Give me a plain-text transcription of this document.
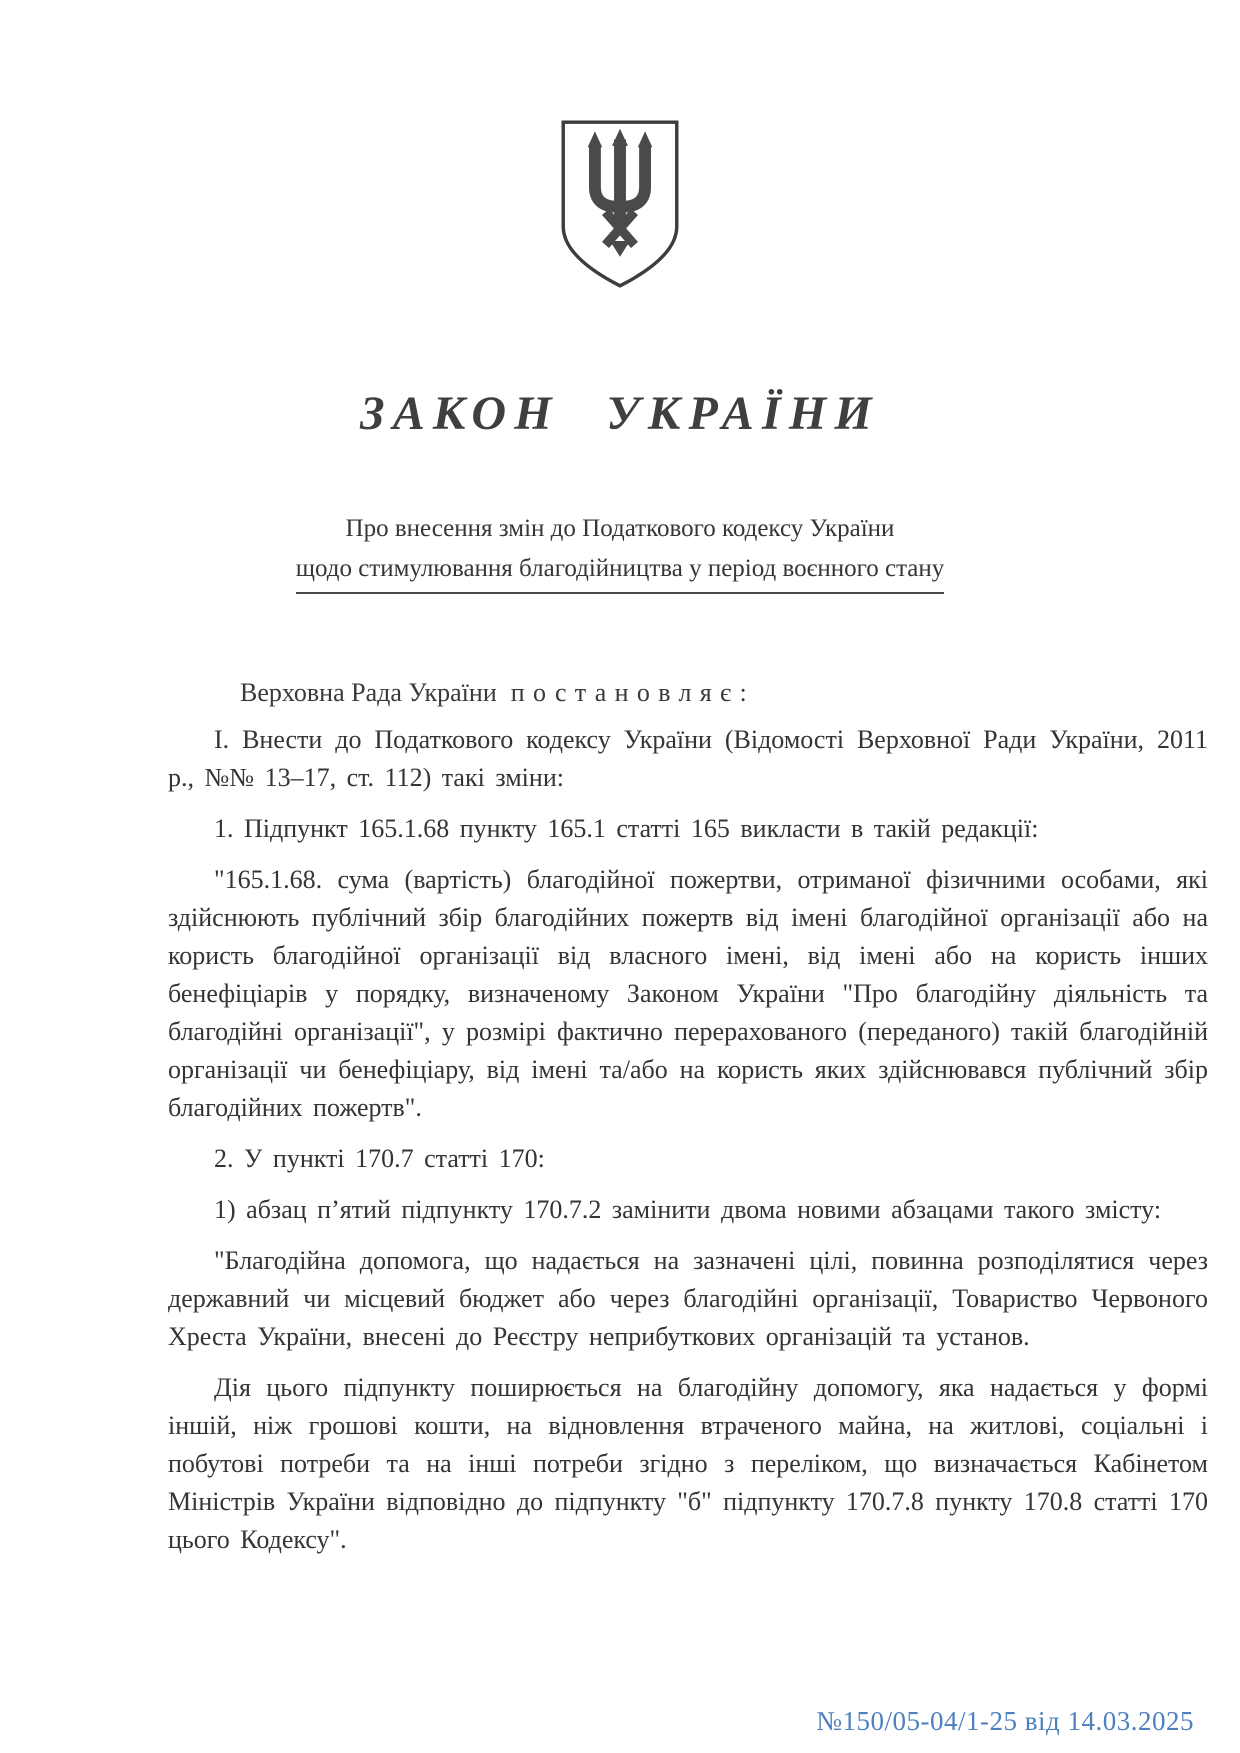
ЗАКОН УКРАЇНИ
Про внесення змін до Податкового кодексу України
щодо стимулювання благодійництва у період воєнного стану

Верховна Рада України постановляє:

І. Внести до Податкового кодексу України (Відомості Верховної Ради України, 2011 р., №№ 13–17, ст. 112) такі зміни:

1. Підпункт 165.1.68 пункту 165.1 статті 165 викласти в такій редакції:

"165.1.68. сума (вартість) благодійної пожертви, отриманої фізичними особами, які здійснюють публічний збір благодійних пожертв від імені благодійної організації або на користь благодійної організації від власного імені, від імені або на користь інших бенефіціарів у порядку, визначеному Законом України "Про благодійну діяльність та благодійні організації", у розмірі фактично перерахованого (переданого) такій благодійній організації чи бенефіціару, від імені та/або на користь яких здійснювався публічний збір благодійних пожертв".

2. У пункті 170.7 статті 170:

1) абзац п’ятий підпункту 170.7.2 замінити двома новими абзацами такого змісту:

"Благодійна допомога, що надається на зазначені цілі, повинна розподілятися через державний чи місцевий бюджет або через благодійні організації, Товариство Червоного Хреста України, внесені до Реєстру неприбуткових організацій та установ.

Дія цього підпункту поширюється на благодійну допомогу, яка надається у формі іншій, ніж грошові кошти, на відновлення втраченого майна, на житлові, соціальні і побутові потреби та на інші потреби згідно з переліком, що визначається Кабінетом Міністрів України відповідно до підпункту "б" підпункту 170.7.8 пункту 170.8 статті 170 цього Кодексу".

№150/05-04/1-25 від 14.03.2025
